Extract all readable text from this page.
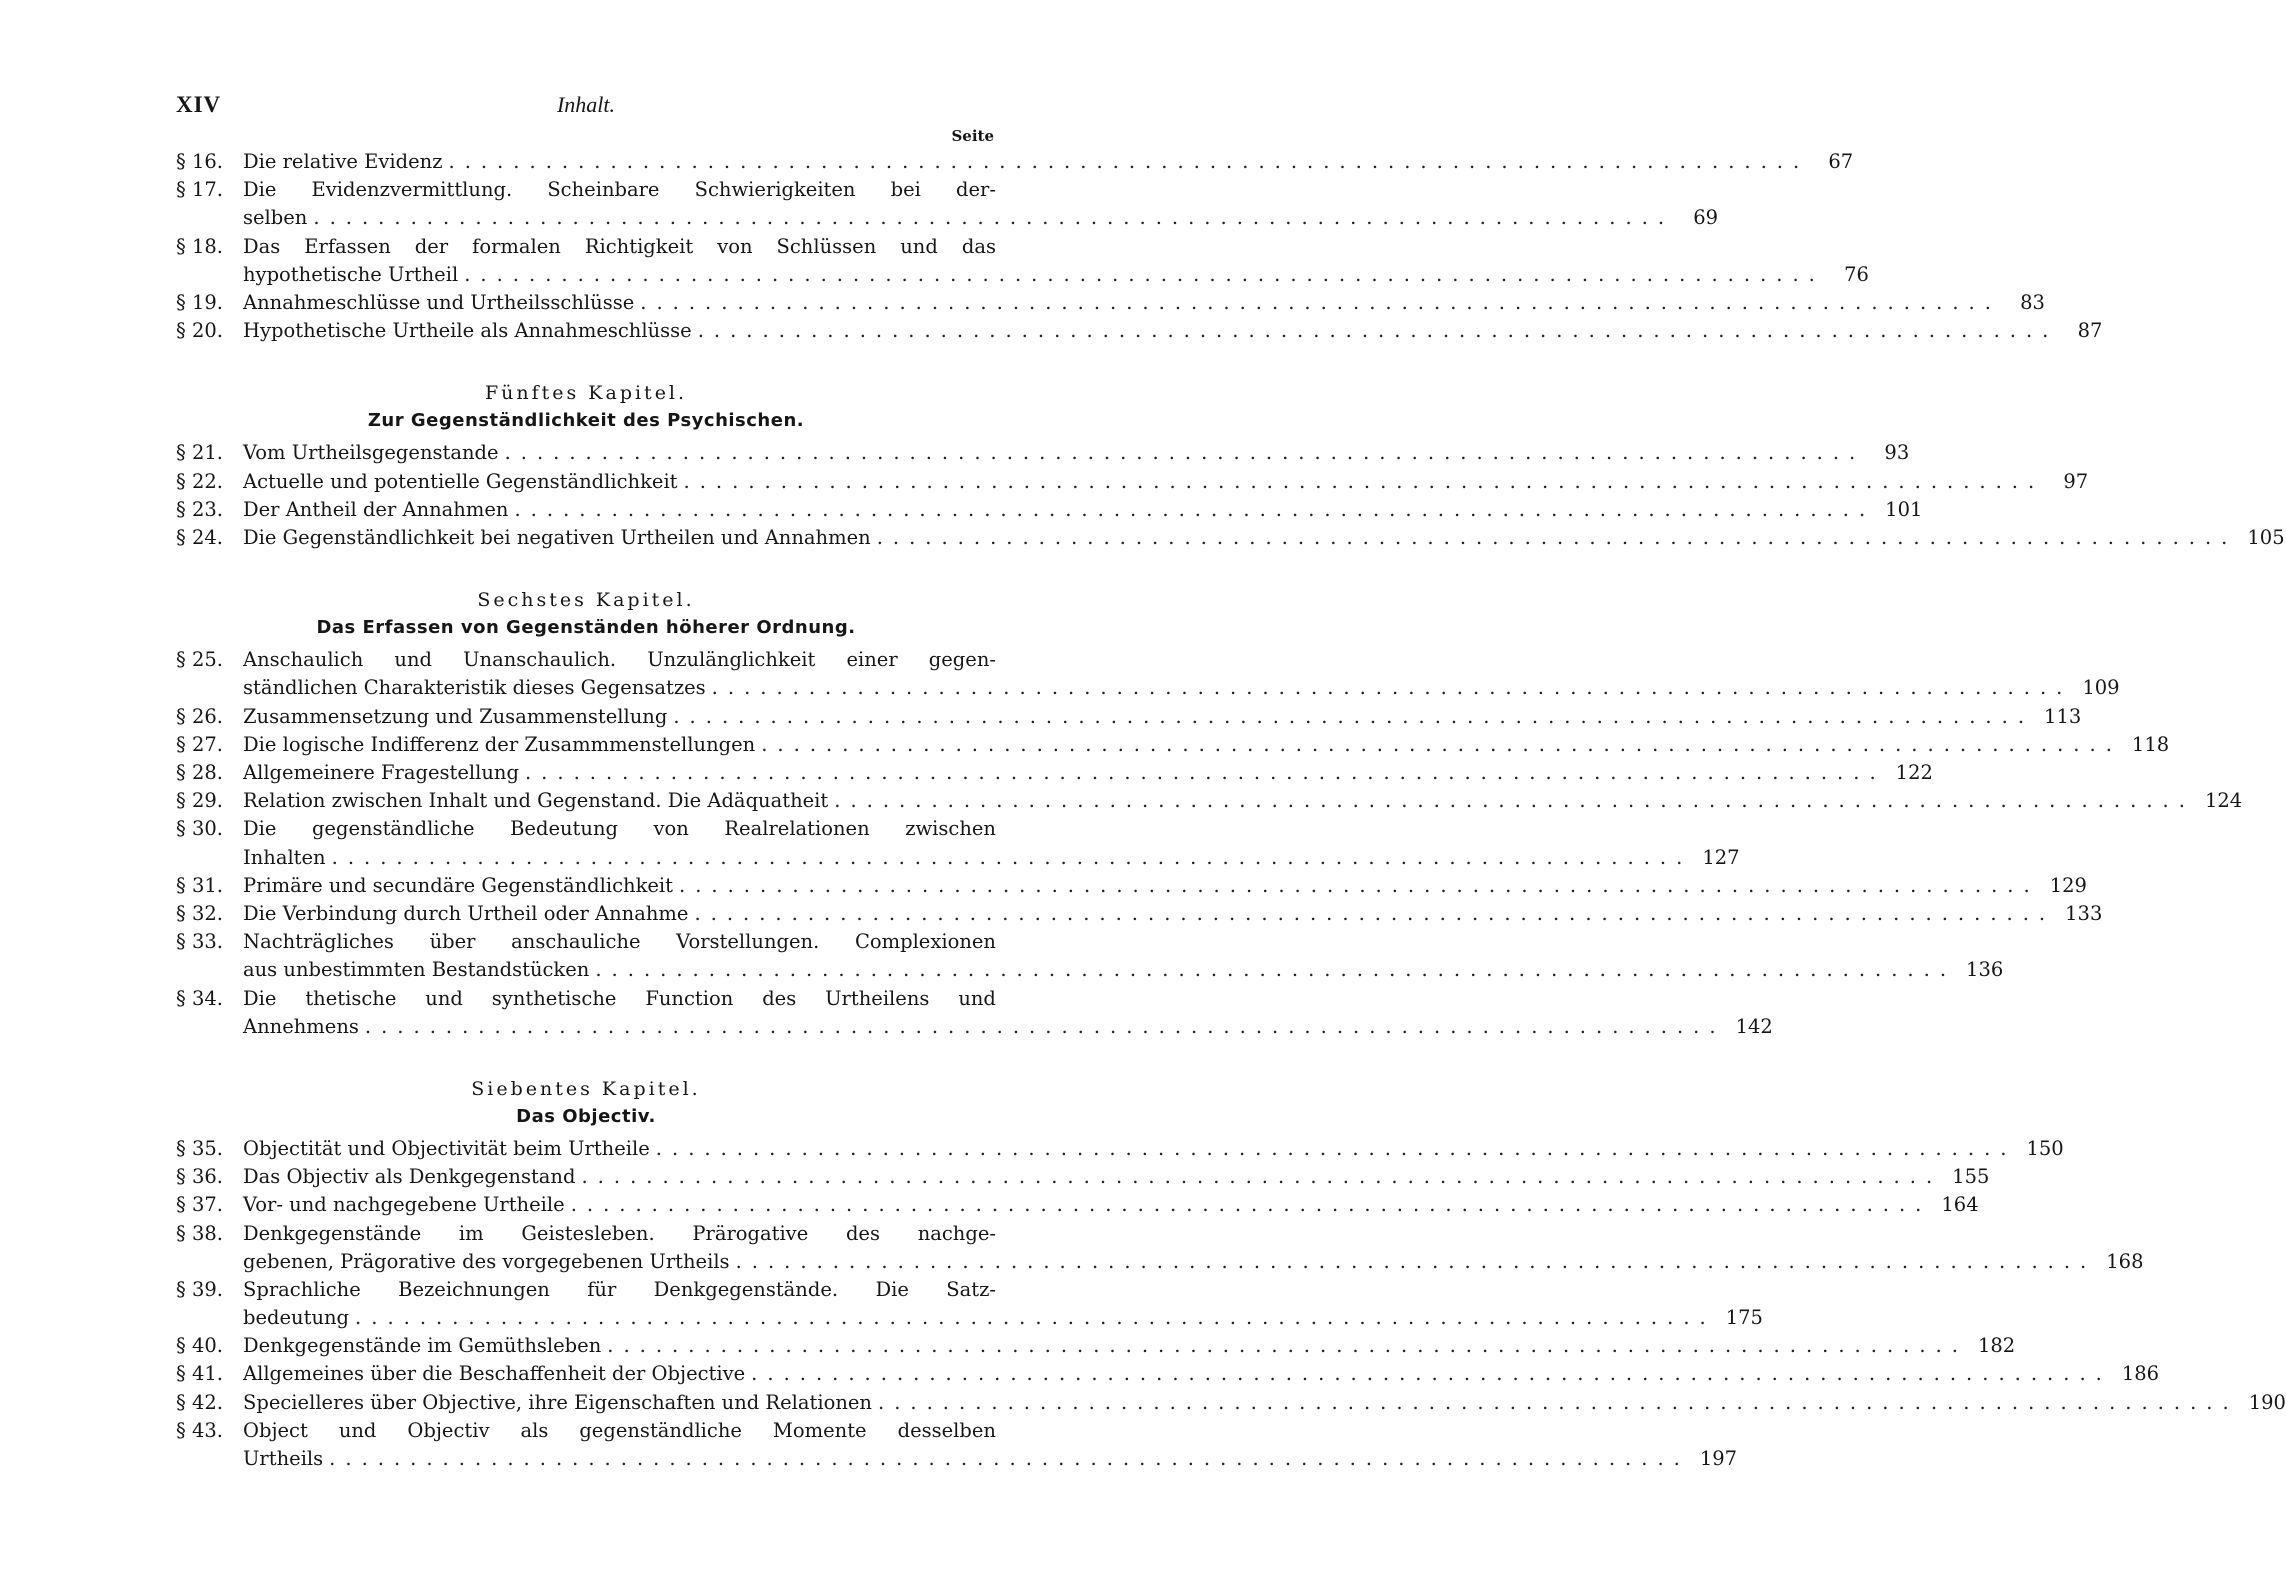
XIV	Inhalt.
Seite
§ 16.	Die relative Evidenz .................................................................................... 67
§ 17.	Die Evidenzvermittlung. Scheinbare Schwierigkeiten bei der-
selben .................................................................................... 69
§ 18.	Das Erfassen der formalen Richtigkeit von Schlüssen und das
hypothetische Urtheil .................................................................................... 76
§ 19.	Annahmeschlüsse und Urtheilsschlüsse .................................................................................... 83
§ 20.	Hypothetische Urtheile als Annahmeschlüsse .................................................................................... 87
Fünftes Kapitel.
Zur Gegenständlichkeit des Psychischen.
§ 21.	Vom Urtheilsgegenstande .................................................................................... 93
§ 22.	Actuelle und potentielle Gegenständlichkeit .................................................................................... 97
§ 23.	Der Antheil der Annahmen .................................................................................... 101
§ 24.	Die Gegenständlichkeit bei negativen Urtheilen und Annahmen .................................................................................... 105
Sechstes Kapitel.
Das Erfassen von Gegenständen höherer Ordnung.
§ 25.	Anschaulich und Unanschaulich. Unzulänglichkeit einer gegen-
ständlichen Charakteristik dieses Gegensatzes .................................................................................... 109
§ 26.	Zusammensetzung und Zusammenstellung .................................................................................... 113
§ 27.	Die logische Indifferenz der Zusammmenstellungen .................................................................................... 118
§ 28.	Allgemeinere Fragestellung .................................................................................... 122
§ 29.	Relation zwischen Inhalt und Gegenstand. Die Adäquatheit .................................................................................... 124
§ 30.	Die gegenständliche Bedeutung von Realrelationen zwischen
Inhalten .................................................................................... 127
§ 31.	Primäre und secundäre Gegenständlichkeit .................................................................................... 129
§ 32.	Die Verbindung durch Urtheil oder Annahme .................................................................................... 133
§ 33.	Nachträgliches über anschauliche Vorstellungen. Complexionen
aus unbestimmten Bestandstücken .................................................................................... 136
§ 34.	Die thetische und synthetische Function des Urtheilens und
Annehmens .................................................................................... 142
Siebentes Kapitel.
Das Objectiv.
§ 35.	Objectität und Objectivität beim Urtheile .................................................................................... 150
§ 36.	Das Objectiv als Denkgegenstand .................................................................................... 155
§ 37.	Vor- und nachgegebene Urtheile .................................................................................... 164
§ 38.	Denkgegenstände im Geistesleben. Prärogative des nachge-
gebenen, Prägorative des vorgegebenen Urtheils .................................................................................... 168
§ 39.	Sprachliche Bezeichnungen für Denkgegenstände. Die Satz-
bedeutung .................................................................................... 175
§ 40.	Denkgegenstände im Gemüthsleben .................................................................................... 182
§ 41.	Allgemeines über die Beschaffenheit der Objective .................................................................................... 186
§ 42.	Specielleres über Objective, ihre Eigenschaften und Relationen .................................................................................... 190
§ 43.	Object und Objectiv als gegenständliche Momente desselben
Urtheils .................................................................................... 197
